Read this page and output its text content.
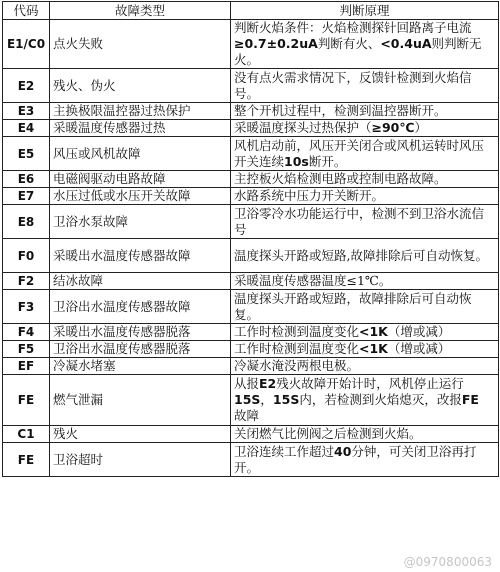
代码	故障类型	判断原理
E1/C0	点火失败	判断火焰条件：火焰检测探针回路离子电流≥0.7±0.2uA判断有火、<0.4uA则判断无火。
E2	残火、伪火	没有点火需求情况下，反馈针检测到火焰信号。
E3	主换极限温控器过热保护	整个开机过程中，检测到温控器断开。
E4	采暖温度传感器过热	采暖温度探头过热保护（≥90℃）
E5	风压或风机故障	风机启动前，风压开关闭合或风机运转时风压开关连续10s断开。
E6	电磁阀驱动电路故障	主控板火焰检测电路或控制电路故障。
E7	水压过低或水压开关故障	水路系统中压力开关断开。
E8	卫浴水泵故障	卫浴零冷水功能运行中，检测不到卫浴水流信号
F0	采暖出水温度传感器故障	温度探头开路或短路,故障排除后可自动恢复。
F2	结冰故障	采暖温度传感器温度≤1℃。
F3	卫浴出水温度传感器故障	温度探头开路或短路，故障排除后可自动恢复。
F4	采暖出水温度传感器脱落	工作时检测到温度变化<1K（增或减）
F5	卫浴出水温度传感器脱落	工作时检测到温度变化<1K（增或减）
EF	冷凝水堵塞	冷凝水淹没两根电极。
FE	燃气泄漏	从报E2残火故障开始计时，风机停止运行15S，15S内，若检测到火焰熄灭，改报FE 故障
C1	残火	关闭燃气比例阀之后检测到火焰。
FE	卫浴超时	卫浴连续工作超过40分钟，可关闭卫浴再打开。
@0970800063
